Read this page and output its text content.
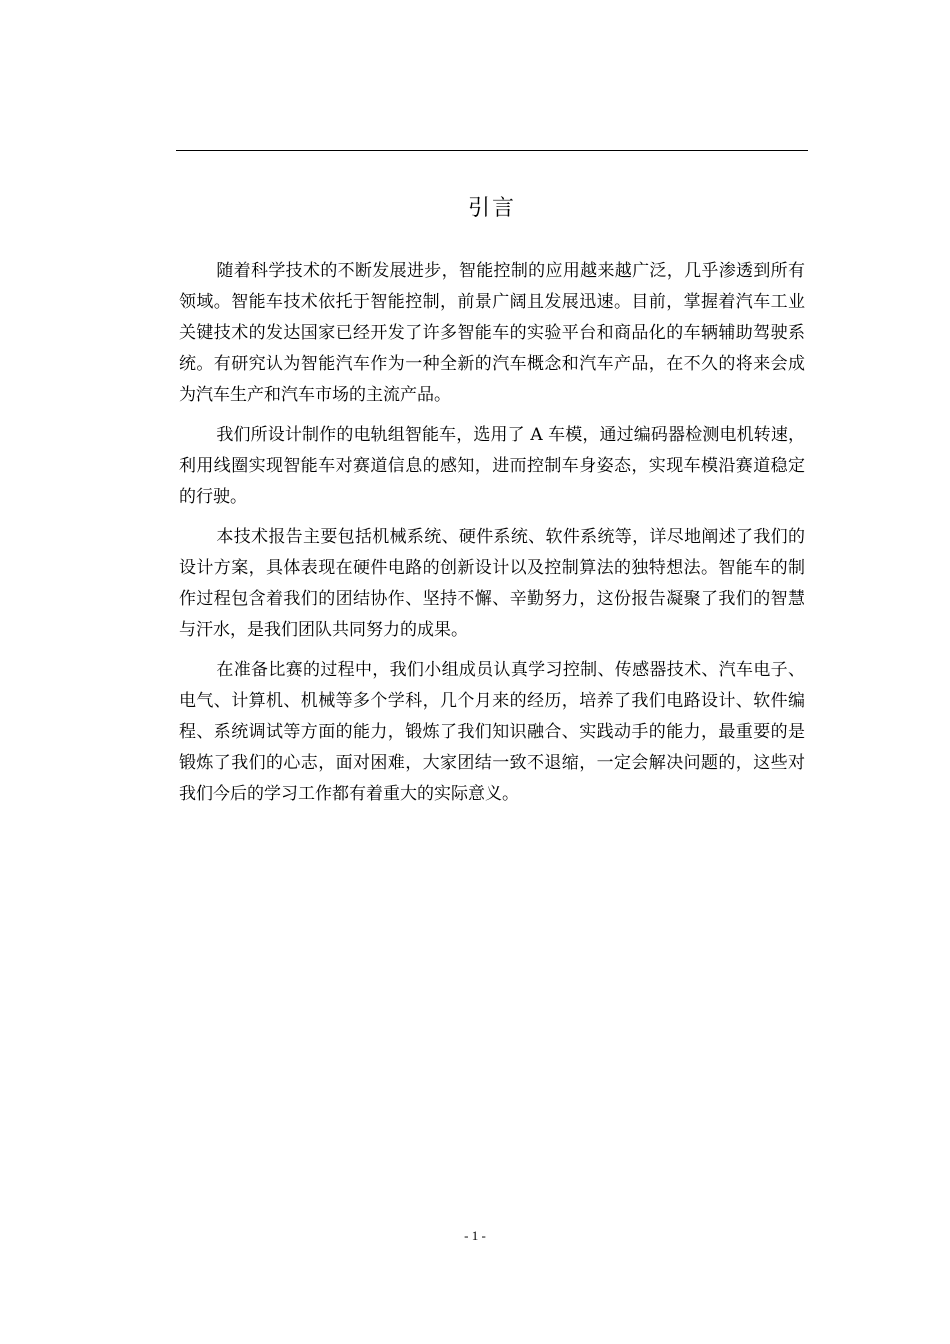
引言

随着科学技术的不断发展进步，智能控制的应用越来越广泛，几乎渗透到所有领域。智能车技术依托于智能控制，前景广阔且发展迅速。目前，掌握着汽车工业关键技术的发达国家已经开发了许多智能车的实验平台和商品化的车辆辅助驾驶系统。有研究认为智能汽车作为一种全新的汽车概念和汽车产品，在不久的将来会成为汽车生产和汽车市场的主流产品。

我们所设计制作的电轨组智能车，选用了 A 车模，通过编码器检测电机转速，利用线圈实现智能车对赛道信息的感知，进而控制车身姿态，实现车模沿赛道稳定的行驶。

本技术报告主要包括机械系统、硬件系统、软件系统等，详尽地阐述了我们的设计方案，具体表现在硬件电路的创新设计以及控制算法的独特想法。智能车的制作过程包含着我们的团结协作、坚持不懈、辛勤努力，这份报告凝聚了我们的智慧与汗水，是我们团队共同努力的成果。

在准备比赛的过程中，我们小组成员认真学习控制、传感器技术、汽车电子、电气、计算机、机械等多个学科，几个月来的经历，培养了我们电路设计、软件编程、系统调试等方面的能力，锻炼了我们知识融合、实践动手的能力，最重要的是锻炼了我们的心志，面对困难，大家团结一致不退缩，一定会解决问题的，这些对我们今后的学习工作都有着重大的实际意义。

- 1 -
